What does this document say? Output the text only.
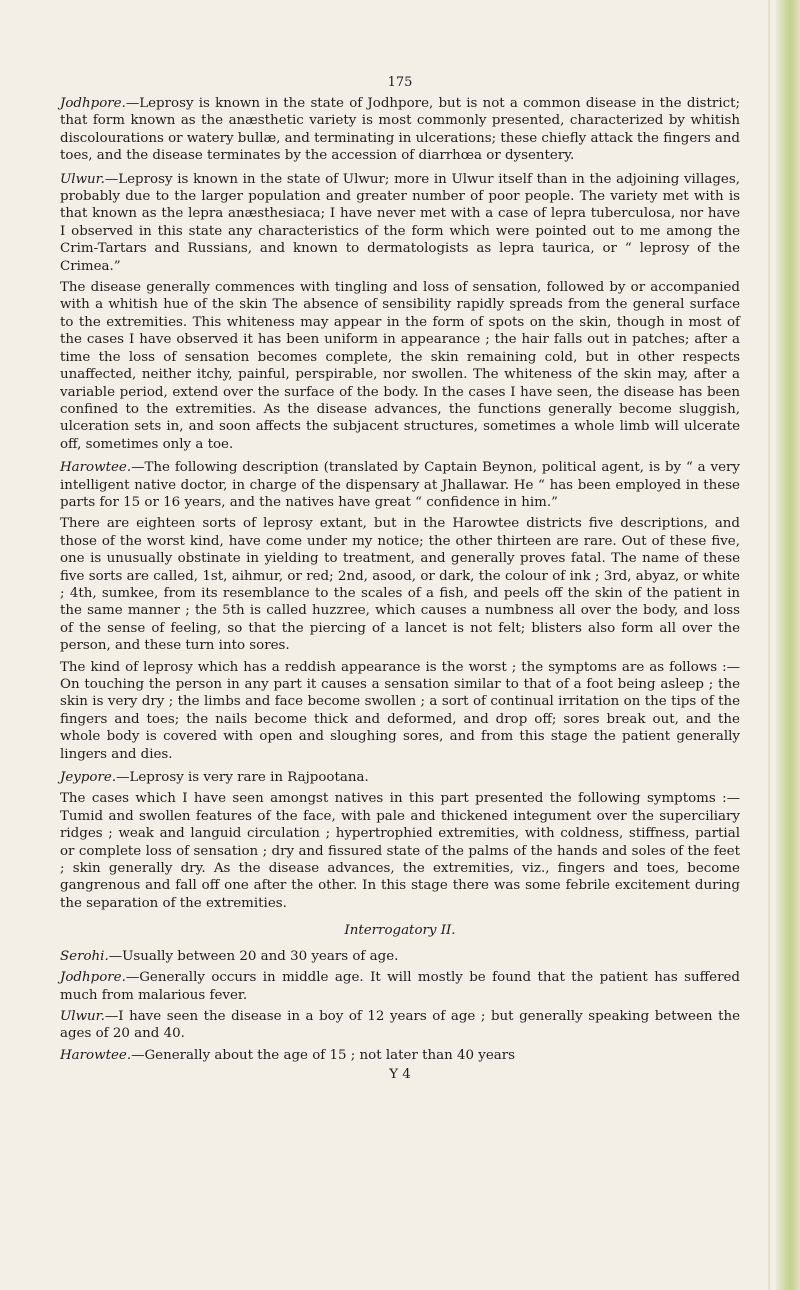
175

Jodhpore.—Leprosy is known in the state of Jodhpore, but is not a common disease in the district; that form known as the anæsthetic variety is most commonly presented, characterized by whitish discolourations or watery bullæ, and terminating in ulcerations; these chiefly attack the fingers and toes, and the disease terminates by the accession of diarrhœa or dysentery.

Ulwur.—Leprosy is known in the state of Ulwur; more in Ulwur itself than in the adjoining villages, probably due to the larger population and greater number of poor people. The variety met with is that known as the lepra anæsthesiaca; I have never met with a case of lepra tuberculosa, nor have I observed in this state any characteristics of the form which were pointed out to me among the Crim-Tartars and Russians, and known to dermatologists as lepra taurica, or “ leprosy of the Crimea.”

The disease generally commences with tingling and loss of sensation, followed by or accompanied with a whitish hue of the skin The absence of sensibility rapidly spreads from the general surface to the extremities. This whiteness may appear in the form of spots on the skin, though in most of the cases I have observed it has been uniform in appearance ; the hair falls out in patches; after a time the loss of sensation becomes complete, the skin remaining cold, but in other respects unaffected, neither itchy, painful, perspirable, nor swollen. The whiteness of the skin may, after a variable period, extend over the surface of the body. In the cases I have seen, the disease has been confined to the extremities. As the disease advances, the functions generally become sluggish, ulceration sets in, and soon affects the subjacent structures, sometimes a whole limb will ulcerate off, sometimes only a toe.

Harowtee.—The following description (translated by Captain Beynon, political agent, is by “ a very intelligent native doctor, in charge of the dispensary at Jhallawar. He “ has been employed in these parts for 15 or 16 years, and the natives have great “ confidence in him.”

There are eighteen sorts of leprosy extant, but in the Harowtee districts five descriptions, and those of the worst kind, have come under my notice; the other thirteen are rare. Out of these five, one is unusually obstinate in yielding to treatment, and generally proves fatal. The name of these five sorts are called, 1st, aihmur, or red; 2nd, asood, or dark, the colour of ink ; 3rd, abyaz, or white ; 4th, sumkee, from its resemblance to the scales of a fish, and peels off the skin of the patient in the same manner ; the 5th is called huzzree, which causes a numbness all over the body, and loss of the sense of feeling, so that the piercing of a lancet is not felt; blisters also form all over the person, and these turn into sores.

The kind of leprosy which has a reddish appearance is the worst ; the symptoms are as follows :—On touching the person in any part it causes a sensation similar to that of a foot being asleep ; the skin is very dry ; the limbs and face become swollen ; a sort of continual irritation on the tips of the fingers and toes; the nails become thick and deformed, and drop off; sores break out, and the whole body is covered with open and sloughing sores, and from this stage the patient generally lingers and dies.

Jeypore.—Leprosy is very rare in Rajpootana.

The cases which I have seen amongst natives in this part presented the following symptoms :—Tumid and swollen features of the face, with pale and thickened integument over the superciliary ridges ; weak and languid circulation ; hypertrophied extremities, with coldness, stiffness, partial or complete loss of sensation ; dry and fissured state of the palms of the hands and soles of the feet ; skin generally dry. As the disease advances, the extremities, viz., fingers and toes, become gangrenous and fall off one after the other. In this stage there was some febrile excitement during the separation of the extremities.

Interrogatory II.

Serohi.—Usually between 20 and 30 years of age.

Jodhpore.—Generally occurs in middle age. It will mostly be found that the patient has suffered much from malarious fever.

Ulwur.—I have seen the disease in a boy of 12 years of age ; but generally speaking between the ages of 20 and 40.

Harowtee.—Generally about the age of 15 ; not later than 40 years

Y 4
